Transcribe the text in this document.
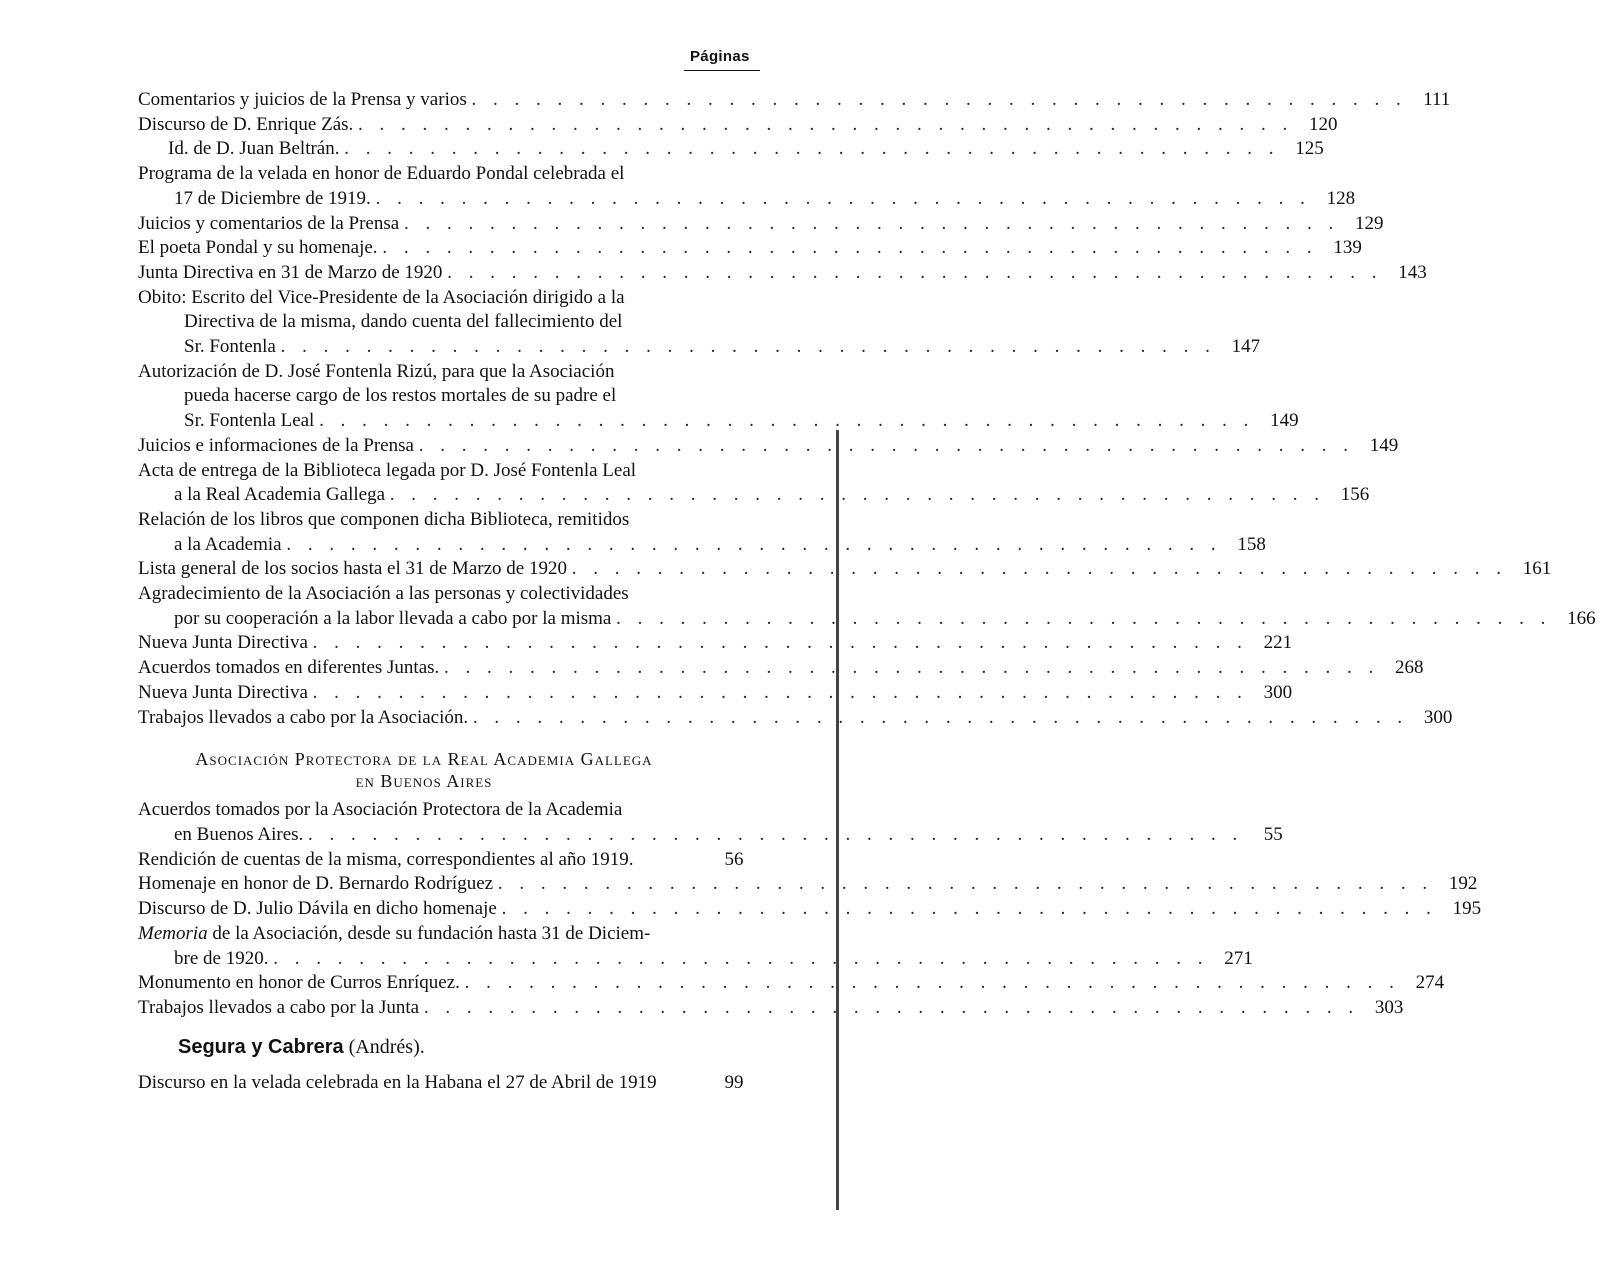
Páginas
Comentarios y juicios de la Prensa y varios . . . . . . . . . . . . . . . . . . . . . . . . . . . . . . . . . . . . . . . . . . . . 111
Discurso de D. Enrique Zás. . . . . . . . . . . . . . . . . . . . . . . . . . . . . . . . . . . . . . . . . . . . . 120
Id. de D. Juan Beltrán. . . . . . . . . . . . . . . . . . . . . . . . . . . . . . . . . . . . . . . . . . . . . 125
Programa de la velada en honor de Eduardo Pondal celebrada el
17 de Diciembre de 1919. . . . . . . . . . . . . . . . . . . . . . . . . . . . . . . . . . . . . . . . . . . . . 128
Juicios y comentarios de la Prensa . . . . . . . . . . . . . . . . . . . . . . . . . . . . . . . . . . . . . . . . . . . . 129
El poeta Pondal y su homenaje. . . . . . . . . . . . . . . . . . . . . . . . . . . . . . . . . . . . . . . . . . . . . 139
Junta Directiva en 31 de Marzo de 1920 . . . . . . . . . . . . . . . . . . . . . . . . . . . . . . . . . . . . . . . . . . . . 143
Obito: Escrito del Vice-Presidente de la Asociación dirigido a la
Directiva de la misma, dando cuenta del fallecimiento del
Sr. Fontenla . . . . . . . . . . . . . . . . . . . . . . . . . . . . . . . . . . . . . . . . . . . . 147
Autorización de D. José Fontenla Rizú, para que la Asociación
pueda hacerse cargo de los restos mortales de su padre el
Sr. Fontenla Leal . . . . . . . . . . . . . . . . . . . . . . . . . . . . . . . . . . . . . . . . . . . . 149
Juicios e informaciones de la Prensa . . . . . . . . . . . . . . . . . . . . . . . . . . . . . . . . . . . . . . . . . . . . 149
Acta de entrega de la Biblioteca legada por D. José Fontenla Leal
a la Real Academia Gallega . . . . . . . . . . . . . . . . . . . . . . . . . . . . . . . . . . . . . . . . . . . . 156
Relación de los libros que componen dicha Biblioteca, remitidos
a la Academia . . . . . . . . . . . . . . . . . . . . . . . . . . . . . . . . . . . . . . . . . . . . 158
Lista general de los socios hasta el 31 de Marzo de 1920 . . . . . . . . . . . . . . . . . . . . . . . . . . . . . . . . . . . . . . . . . . . . 161
Agradecimiento de la Asociación a las personas y colectividades
por su cooperación a la labor llevada a cabo por la misma . . . . . . . . . . . . . . . . . . . . . . . . . . . . . . . . . . . . . . . . . . . . 166
Nueva Junta Directiva . . . . . . . . . . . . . . . . . . . . . . . . . . . . . . . . . . . . . . . . . . . . 221
Acuerdos tomados en diferentes Juntas. . . . . . . . . . . . . . . . . . . . . . . . . . . . . . . . . . . . . . . . . . . . . 268
Nueva Junta Directiva . . . . . . . . . . . . . . . . . . . . . . . . . . . . . . . . . . . . . . . . . . . . 300
Trabajos llevados a cabo por la Asociación. . . . . . . . . . . . . . . . . . . . . . . . . . . . . . . . . . . . . . . . . . . . . 300
Asociación Protectora de la Real Academia Gallega
en Buenos Aires
Acuerdos tomados por la Asociación Protectora de la Academia
en Buenos Aires. . . . . . . . . . . . . . . . . . . . . . . . . . . . . . . . . . . . . . . . . . . . .	55
Rendición de cuentas de la misma, correspondientes al año 1919.	56
Homenaje en honor de D. Bernardo Rodríguez . . . . . . . . . . . . . . . . . . . . . . . . . . . . . . . . . . . . . . . . . . . . 192
Discurso de D. Julio Dávila en dicho homenaje . . . . . . . . . . . . . . . . . . . . . . . . . . . . . . . . . . . . . . . . . . . . 195
Memoria de la Asociación, desde su fundación hasta 31 de Diciem-
bre de 1920. . . . . . . . . . . . . . . . . . . . . . . . . . . . . . . . . . . . . . . . . . . . . 271
Monumento en honor de Curros Enríquez. . . . . . . . . . . . . . . . . . . . . . . . . . . . . . . . . . . . . . . . . . . . . 274
Trabajos llevados a cabo por la Junta . . . . . . . . . . . . . . . . . . . . . . . . . . . . . . . . . . . . . . . . . . . . 303
Segura y Cabrera (Andrés).
Discurso en la velada celebrada en la Habana el 27 de Abril de 1919	99
